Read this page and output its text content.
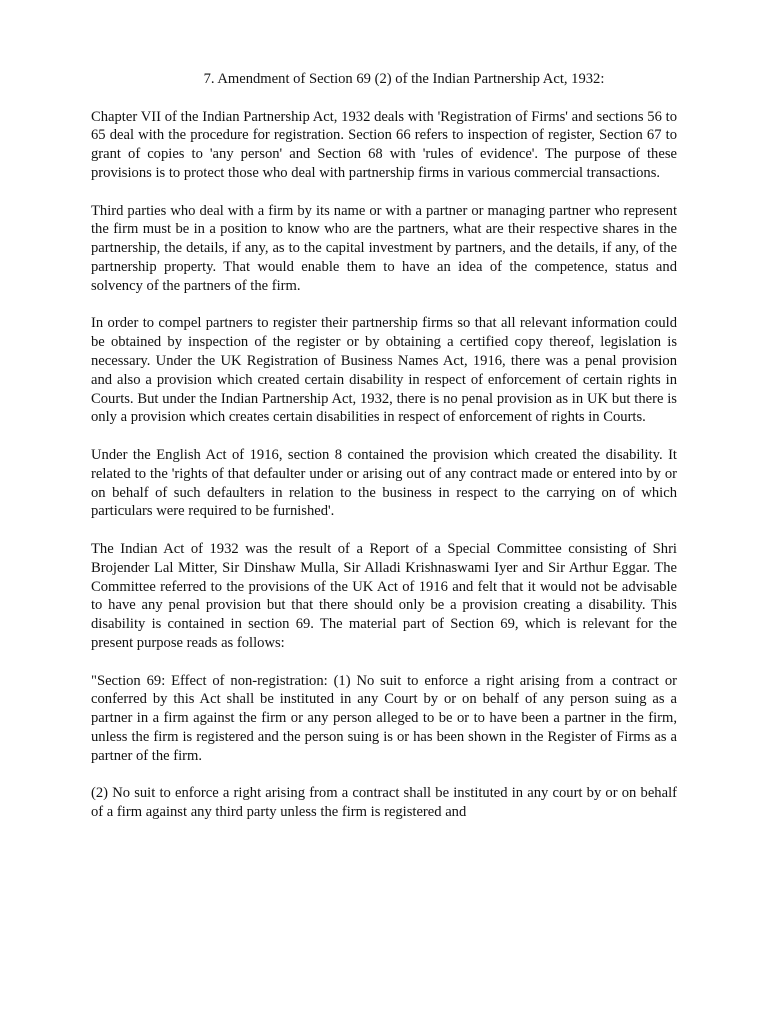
7. Amendment of Section 69 (2) of the Indian Partnership Act, 1932:

Chapter VII of the Indian Partnership Act, 1932 deals with 'Registration of Firms' and sections 56 to 65 deal with the procedure for registration. Section 66 refers to inspection of register, Section 67 to grant of copies to 'any person' and Section 68 with 'rules of evidence'. The purpose of these provisions is to protect those who deal with partnership firms in various commercial transactions.

Third parties who deal with a firm by its name or with a partner or managing partner who represent the firm must be in a position to know who are the partners, what are their respective shares in the partnership, the details, if any, as to the capital investment by partners, and the details, if any, of the partnership property. That would enable them to have an idea of the competence, status and solvency of the partners of the firm.

In order to compel partners to register their partnership firms so that all relevant information could be obtained by inspection of the register or by obtaining a certified copy thereof, legislation is necessary. Under the UK Registration of Business Names Act, 1916, there was a penal provision and also a provision which created certain disability in respect of enforcement of certain rights in Courts. But under the Indian Partnership Act, 1932, there is no penal provision as in UK but there is only a provision which creates certain disabilities in respect of enforcement of rights in Courts.

Under the English Act of 1916, section 8 contained the provision which created the disability. It related to the 'rights of that defaulter under or arising out of any contract made or entered into by or on behalf of such defaulters in relation to the business in respect to the carrying on of which particulars were required to be furnished'.

The Indian Act of 1932 was the result of a Report of a Special Committee consisting of Shri Brojender Lal Mitter, Sir Dinshaw Mulla, Sir Alladi Krishnaswami Iyer and Sir Arthur Eggar. The Committee referred to the provisions of the UK Act of 1916 and felt that it would not be advisable to have any penal provision but that there should only be a provision creating a disability. This disability is contained in section 69. The material part of Section 69, which is relevant for the present purpose reads as follows:

"Section 69: Effect of non-registration: (1) No suit to enforce a right arising from a contract or conferred by this Act shall be instituted in any Court by or on behalf of any person suing as a partner in a firm against the firm or any person alleged to be or to have been a partner in the firm, unless the firm is registered and the person suing is or has been shown in the Register of Firms as a partner of the firm.

(2) No suit to enforce a right arising from a contract shall be instituted in any court by or on behalf of a firm against any third party unless the firm is registered and
